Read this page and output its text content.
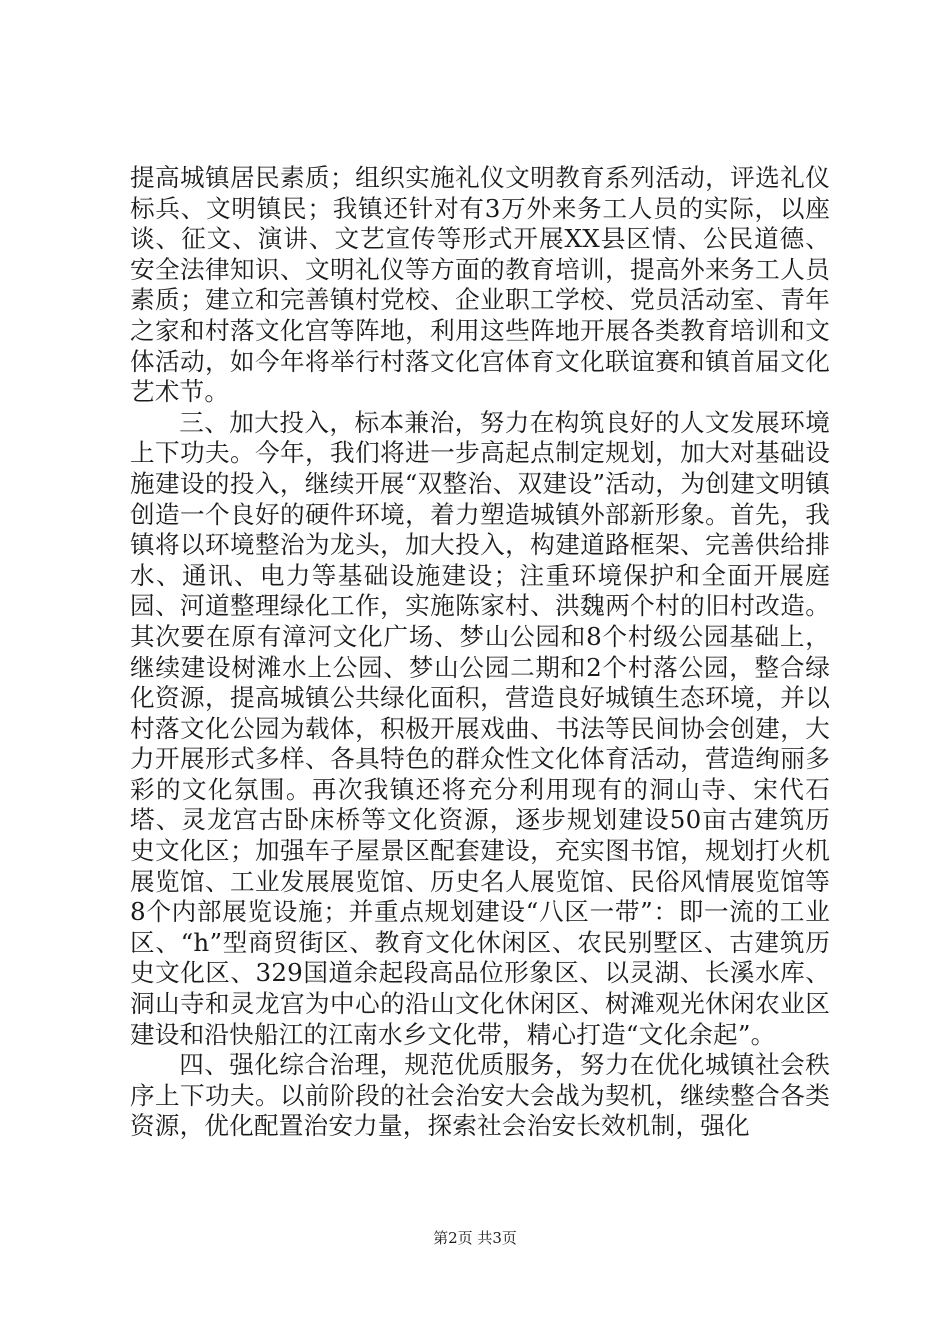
提高城镇居民素质；组织实施礼仪文明教育系列活动，评选礼仪标兵、文明镇民；我镇还针对有3万外来务工人员的实际，以座谈、征文、演讲、文艺宣传等形式开展XX县区情、公民道德、安全法律知识、文明礼仪等方面的教育培训，提高外来务工人员素质；建立和完善镇村党校、企业职工学校、党员活动室、青年之家和村落文化宫等阵地，利用这些阵地开展各类教育培训和文体活动，如今年将举行村落文化宫体育文化联谊赛和镇首届文化艺术节。

三、加大投入，标本兼治，努力在构筑良好的人文发展环境上下功夫。今年，我们将进一步高起点制定规划，加大对基础设施建设的投入，继续开展“双整治、双建设”活动，为创建文明镇创造一个良好的硬件环境，着力塑造城镇外部新形象。首先，我镇将以环境整治为龙头，加大投入，构建道路框架、完善供给排水、通讯、电力等基础设施建设；注重环境保护和全面开展庭园、河道整理绿化工作，实施陈家村、洪魏两个村的旧村改造。其次要在原有漳河文化广场、梦山公园和8个村级公园基础上，继续建设树滩水上公园、梦山公园二期和2个村落公园，整合绿化资源，提高城镇公共绿化面积，营造良好城镇生态环境，并以村落文化公园为载体，积极开展戏曲、书法等民间协会创建，大力开展形式多样、各具特色的群众性文化体育活动，营造绚丽多彩的文化氛围。再次我镇还将充分利用现有的洞山寺、宋代石塔、灵龙宫古卧床桥等文化资源，逐步规划建设50亩古建筑历史文化区；加强车子屋景区配套建设，充实图书馆，规划打火机展览馆、工业发展展览馆、历史名人展览馆、民俗风情展览馆等8个内部展览设施；并重点规划建设“八区一带”：即一流的工业区、“h”型商贸街区、教育文化休闲区、农民别墅区、古建筑历史文化区、329国道余起段高品位形象区、以灵湖、长溪水库、洞山寺和灵龙宫为中心的沿山文化休闲区、树滩观光休闲农业区建设和沿快船江的江南水乡文化带，精心打造“文化余起”。

四、强化综合治理，规范优质服务，努力在优化城镇社会秩序上下功夫。以前阶段的社会治安大会战为契机，继续整合各类资源，优化配置治安力量，探索社会治安长效机制，强化

第2页 共3页
